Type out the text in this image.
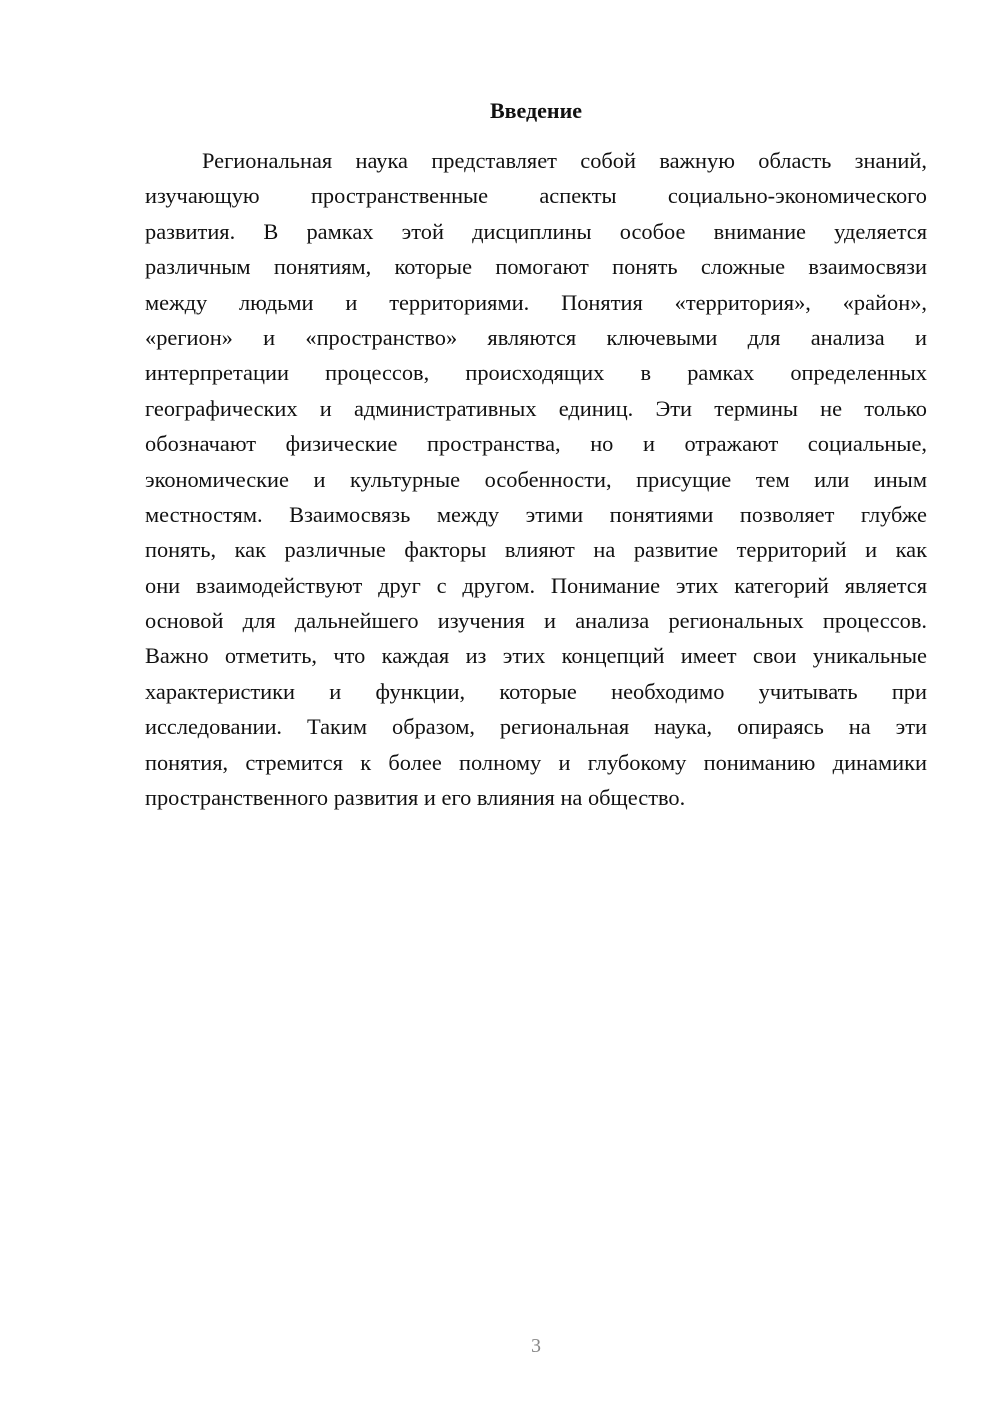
Введение
Региональная наука представляет собой важную область знаний,
изучающую пространственные аспекты социально-экономического
развития. В рамках этой дисциплины особое внимание уделяется
различным понятиям, которые помогают понять сложные взаимосвязи
между людьми и территориями. Понятия «территория», «район»,
«регион» и «пространство» являются ключевыми для анализа и
интерпретации процессов, происходящих в рамках определенных
географических и административных единиц. Эти термины не только
обозначают физические пространства, но и отражают социальные,
экономические и культурные особенности, присущие тем или иным
местностям. Взаимосвязь между этими понятиями позволяет глубже
понять, как различные факторы влияют на развитие территорий и как
они взаимодействуют друг с другом. Понимание этих категорий является
основой для дальнейшего изучения и анализа региональных процессов.
Важно отметить, что каждая из этих концепций имеет свои уникальные
характеристики и функции, которые необходимо учитывать при
исследовании. Таким образом, региональная наука, опираясь на эти
понятия, стремится к более полному и глубокому пониманию динамики
пространственного развития и его влияния на общество.
3
